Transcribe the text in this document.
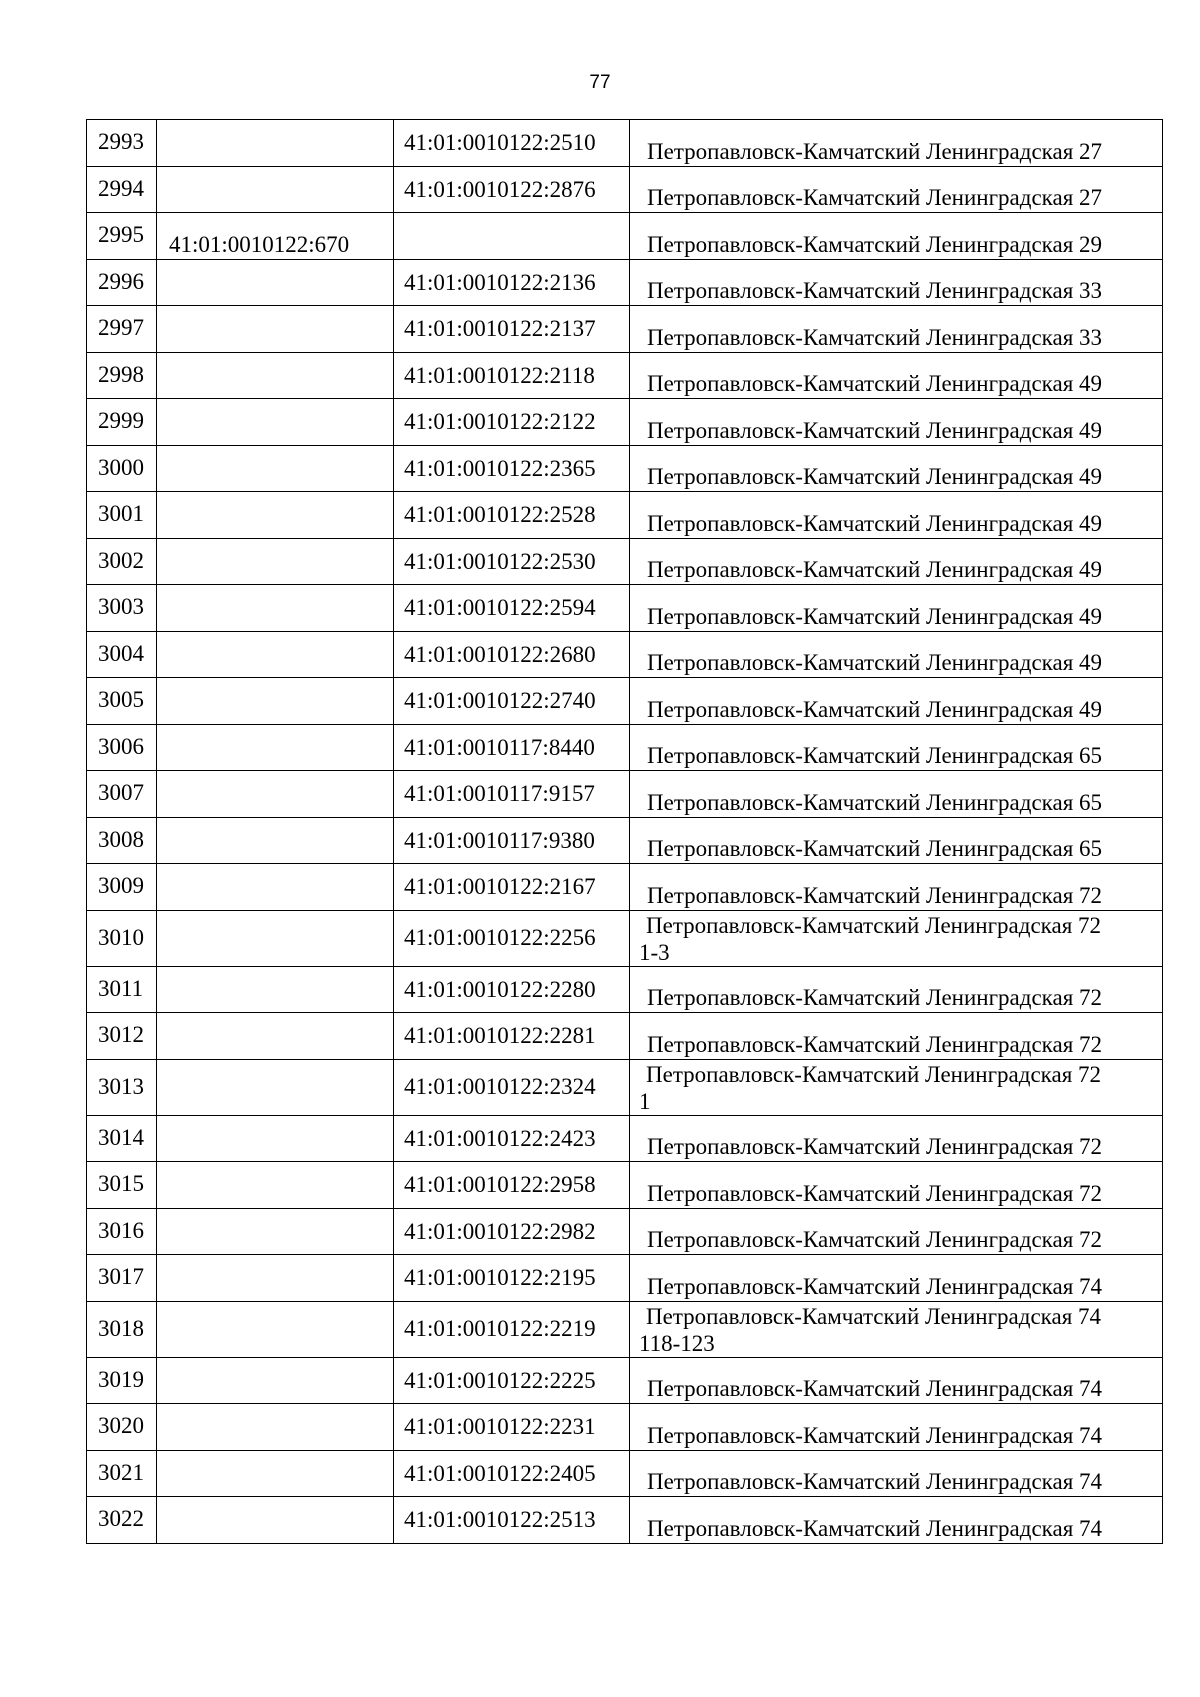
77
2993		41:01:0010122:2510	Петропавловск-Камчатский Ленинградская 27

2994		41:01:0010122:2876	Петропавловск-Камчатский Ленинградская 27

2995	41:01:0010122:670		Петропавловск-Камчатский Ленинградская 29

2996		41:01:0010122:2136	Петропавловск-Камчатский Ленинградская 33

2997		41:01:0010122:2137	Петропавловск-Камчатский Ленинградская 33

2998		41:01:0010122:2118	Петропавловск-Камчатский Ленинградская 49

2999		41:01:0010122:2122	Петропавловск-Камчатский Ленинградская 49

3000		41:01:0010122:2365	Петропавловск-Камчатский Ленинградская 49

3001		41:01:0010122:2528	Петропавловск-Камчатский Ленинградская 49

3002		41:01:0010122:2530	Петропавловск-Камчатский Ленинградская 49

3003		41:01:0010122:2594	Петропавловск-Камчатский Ленинградская 49

3004		41:01:0010122:2680	Петропавловск-Камчатский Ленинградская 49

3005		41:01:0010122:2740	Петропавловск-Камчатский Ленинградская 49

3006		41:01:0010117:8440	Петропавловск-Камчатский Ленинградская 65

3007		41:01:0010117:9157	Петропавловск-Камчатский Ленинградская 65

3008		41:01:0010117:9380	Петропавловск-Камчатский Ленинградская 65

3009		41:01:0010122:2167	Петропавловск-Камчатский Ленинградская 72

3010		41:01:0010122:2256	Петропавловск-Камчатский Ленинградская 72
1-3

3011		41:01:0010122:2280	Петропавловск-Камчатский Ленинградская 72

3012		41:01:0010122:2281	Петропавловск-Камчатский Ленинградская 72

3013		41:01:0010122:2324	Петропавловск-Камчатский Ленинградская 72
1

3014		41:01:0010122:2423	Петропавловск-Камчатский Ленинградская 72

3015		41:01:0010122:2958	Петропавловск-Камчатский Ленинградская 72

3016		41:01:0010122:2982	Петропавловск-Камчатский Ленинградская 72

3017		41:01:0010122:2195	Петропавловск-Камчатский Ленинградская 74

3018		41:01:0010122:2219	Петропавловск-Камчатский Ленинградская 74
118-123

3019		41:01:0010122:2225	Петропавловск-Камчатский Ленинградская 74

3020		41:01:0010122:2231	Петропавловск-Камчатский Ленинградская 74

3021		41:01:0010122:2405	Петропавловск-Камчатский Ленинградская 74

3022		41:01:0010122:2513	Петропавловск-Камчатский Ленинградская 74
